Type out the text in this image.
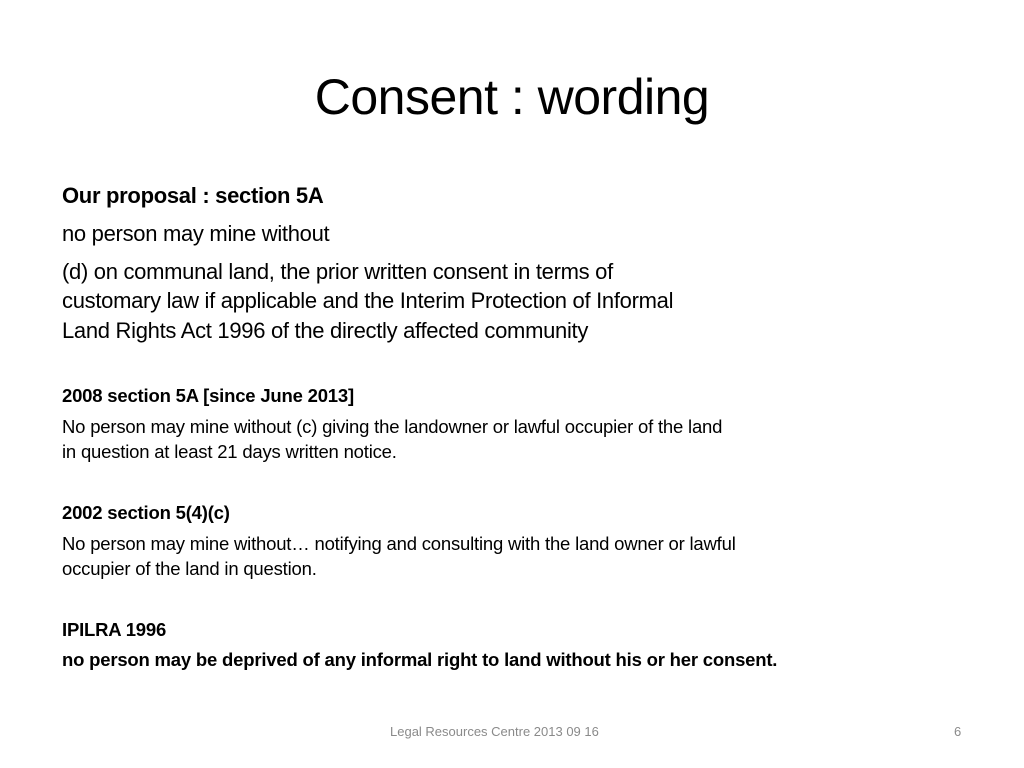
Consent : wording
Our proposal : section 5A
no person may mine without
(d) on communal land, the prior written consent in terms of
customary law if applicable and the Interim Protection of Informal
Land Rights Act 1996 of the directly affected community
2008 section 5A [since June 2013]
No person may mine without (c) giving the landowner or lawful occupier of the land
in question at least 21 days written notice.
2002 section 5(4)(c)
No person may mine without… notifying and consulting with the land owner or lawful
occupier of the land in question.
IPILRA 1996
no person may be deprived of any informal right to land without his or her consent.
Legal Resources Centre 2013 09 16	6
